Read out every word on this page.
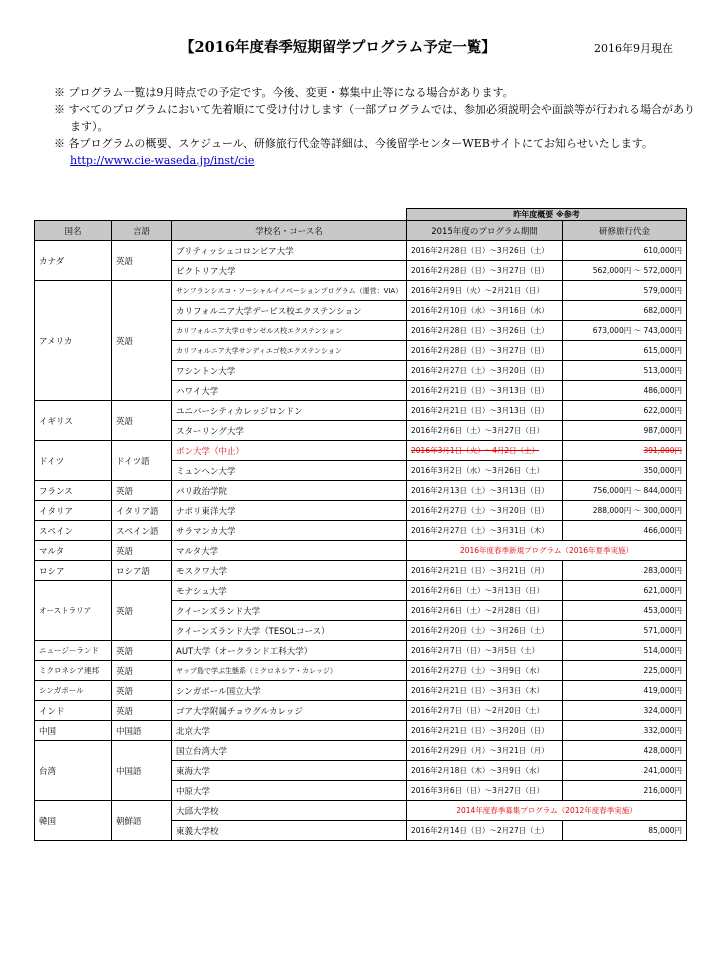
【2016年度春季短期留学プログラム予定一覧】	2016年9月現在

※ プログラム一覧は9月時点での予定です。今後、変更・募集中止等になる場合があります。

※ すべてのプログラムにおいて先着順にて受け付けします（一部プログラムでは、参加必須説明会や面談等が行われる場合があります）。

※ 各プログラムの概要、スケジュール、研修旅行代金等詳細は、今後留学センターWEBサイトにてお知らせいたします。http://www.cie-waseda.jp/inst/cie

			昨年度概要 ※参考	
国名	言語	学校名・コース名	2015年度のプログラム期間	研修旅行代金
カナダ	英語	ブリティッシュコロンビア大学	2016年2月28日（日）～3月26日（土）	610,000円
		ビクトリア大学	2016年2月28日（日）～3月27日（日）	562,000円 ～ 572,000円
アメリカ	英語	サンフランシスコ・ソーシャルイノベーションプログラム（運営：VIA）	2016年2月9日（火）～2月21日（日）	579,000円
		カリフォルニア大学デービス校エクステンション	2016年2月10日（水）～3月16日（水）	682,000円
		カリフォルニア大学ロサンゼルス校エクステンション	2016年2月28日（日）～3月26日（土）	673,000円 ～ 743,000円
		カリフォルニア大学サンディエゴ校エクステンション	2016年2月28日（日）～3月27日（日）	615,000円
		ワシントン大学	2016年2月27日（土）～3月20日（日）	513,000円
		ハワイ大学	2016年2月21日（日）～3月13日（日）	486,000円
イギリス	英語	ユニバーシティカレッジロンドン	2016年2月21日（日）～3月13日（日）	622,000円
		スターリング大学	2016年2月6日（土）～3月27日（日）	987,000円
ドイツ	ドイツ語	ボン大学（中止）	2016年3月1日（火）～4月2日（土）	391,000円
		ミュンヘン大学	2016年3月2日（水）～3月26日（土）	350,000円
フランス	英語	パリ政治学院	2016年2月13日（土）～3月13日（日）	756,000円 ～ 844,000円
イタリア	イタリア語	ナポリ東洋大学	2016年2月27日（土）～3月20日（日）	288,000円 ～ 300,000円
スペイン	スペイン語	サラマンカ大学	2016年2月27日（土）～3月31日（木）	466,000円
マルタ	英語	マルタ大学	2016年度春季新規プログラム（2016年夏季実施）	
ロシア	ロシア語	モスクワ大学	2016年2月21日（日）～3月21日（月）	283,000円
オーストラリア	英語	モナシュ大学	2016年2月6日（土）～3月13日（日）	621,000円
		クイーンズランド大学	2016年2月6日（土）～2月28日（日）	453,000円
		クイーンズランド大学（TESOLコース）	2016年2月20日（土）～3月26日（土）	571,000円
ニュージーランド	英語	AUT大学（オークランド工科大学）	2016年2月7日（日）～3月5日（土）	514,000円
ミクロネシア連邦	英語	ヤップ島で学ぶ生態系（ミクロネシア・カレッジ）	2016年2月27日（土）～3月9日（水）	225,000円
シンガポール	英語	シンガポール国立大学	2016年2月21日（日）～3月3日（木）	419,000円
インド	英語	ゴア大学附属チョウグルカレッジ	2016年2月7日（日）～2月20日（土）	324,000円
中国	中国語	北京大学	2016年2月21日（日）～3月20日（日）	332,000円
台湾	中国語	国立台湾大学	2016年2月29日（月）～3月21日（月）	428,000円
		東海大学	2016年2月18日（木）～3月9日（水）	241,000円
		中原大学	2016年3月6日（日）～3月27日（日）	216,000円
韓国	朝鮮語	大邱大学校	2014年度春季募集プログラム（2012年度春季実施）	
		東義大学校	2016年2月14日（日）～2月27日（土）	85,000円
